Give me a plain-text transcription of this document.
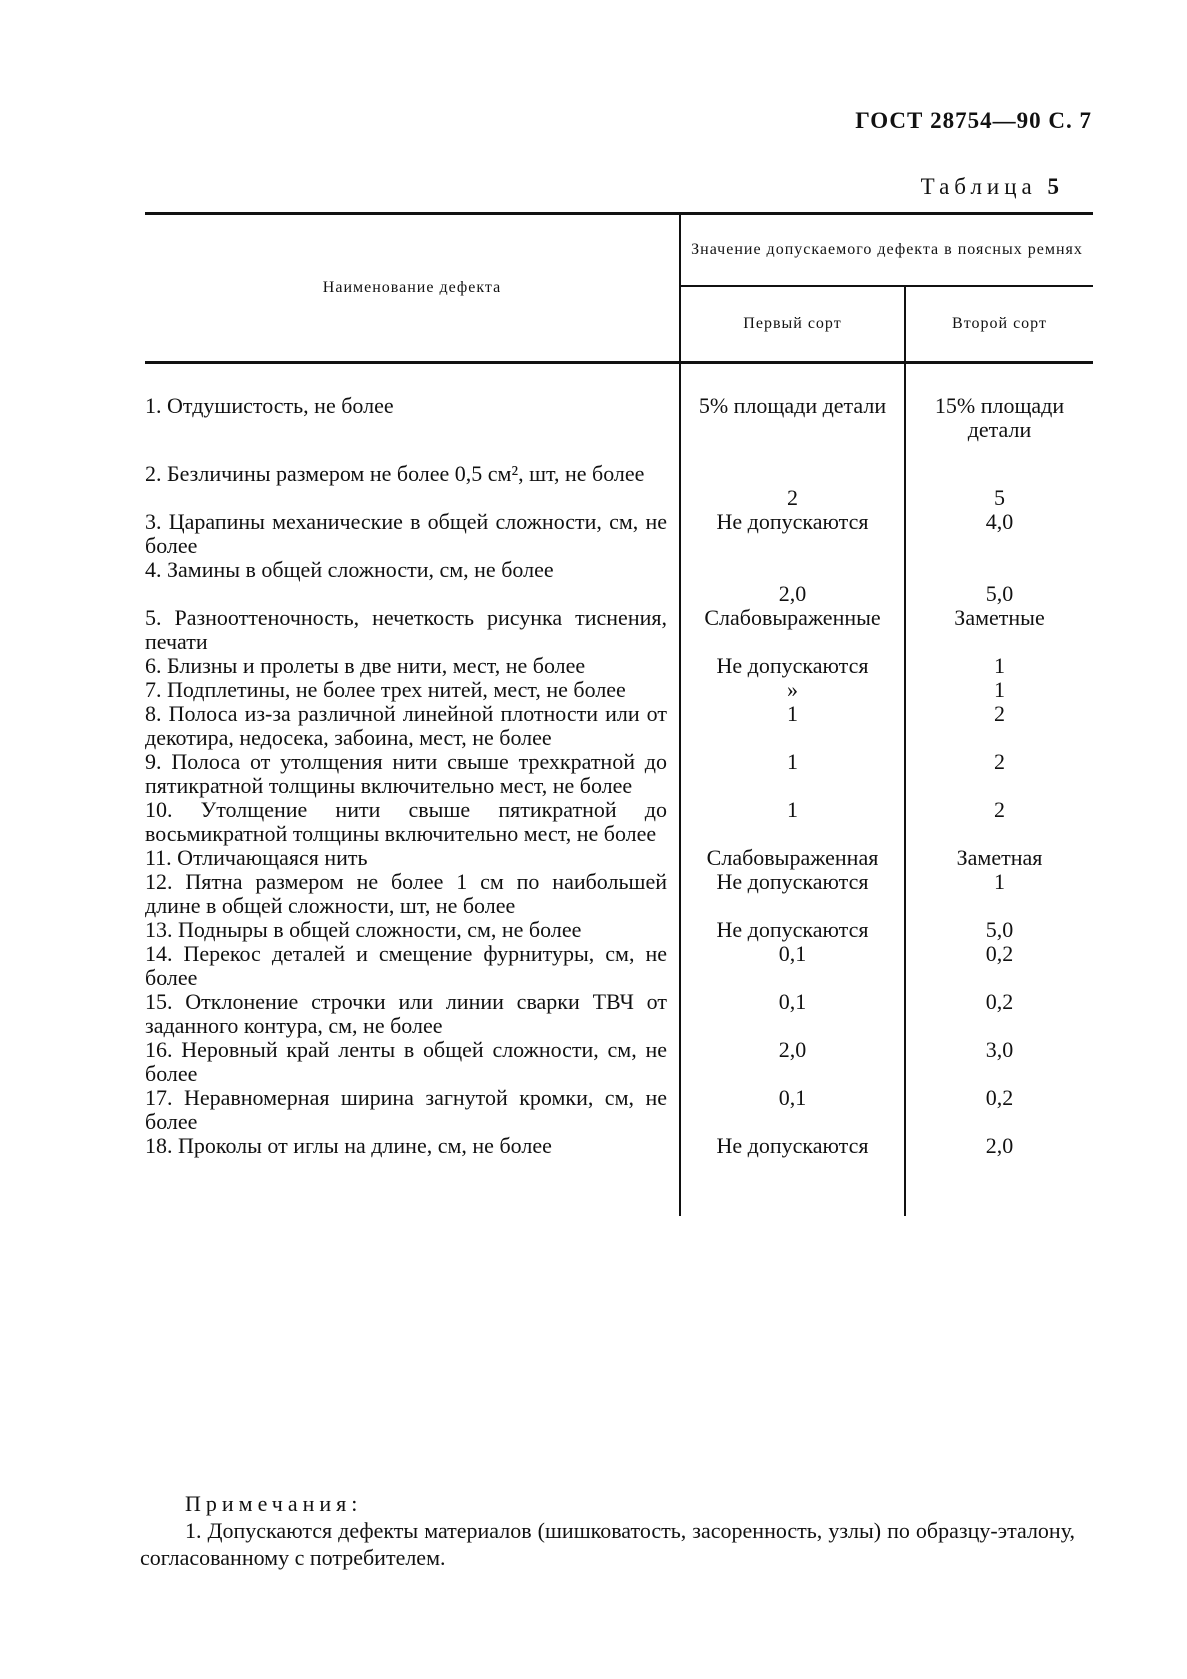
ГОСТ 28754—90 С. 7
Таблица 5
Наименование дефекта	Значение допускаемого дефекта в поясных ремнях	
	Первый сорт	Второй сорт
1. Отдушистость, не более	5% площади детали	15% площади детали
2. Безличины размером не более 0,5 см², шт, не более	2	5
3. Царапины механические в общей сложности, см, не более	Не допускаются	4,0
4. Замины в общей сложности, см, не более	2,0	5,0
5. Разнооттеночность, нечеткость рисунка тиснения, печати	Слабовыраженные	Заметные
6. Близны и пролеты в две нити, мест, не более	Не допускаются	1
7. Подплетины, не более трех нитей, мест, не более	»	1
8. Полоса из-за различной линейной плотности или от декотира, недосека, забоина, мест, не более	1	2
9. Полоса от утолщения нити свыше трехкратной до пятикратной толщины включительно мест, не более	1	2
10. Утолщение нити свыше пятикратной до восьмикратной толщины включительно мест, не более	1	2
11. Отличающаяся нить	Слабовыраженная	Заметная
12. Пятна размером не более 1 см по наибольшей длине в общей сложности, шт, не более	Не допускаются	1
13. Подныры в общей сложности, см, не более	Не допускаются	5,0
14. Перекос деталей и смещение фурнитуры, см, не более	0,1	0,2
15. Отклонение строчки или линии сварки ТВЧ от заданного контура, см, не более	0,1	0,2
16. Неровный край ленты в общей сложности, см, не более	2,0	3,0
17. Неравномерная ширина загнутой кромки, см, не более	0,1	0,2
18. Проколы от иглы на длине, см, не более	Не допускаются	2,0
Примечания:
1. Допускаются дефекты материалов (шишковатость, засоренность, узлы) по образцу-эталону, согласованному с потребителем.
